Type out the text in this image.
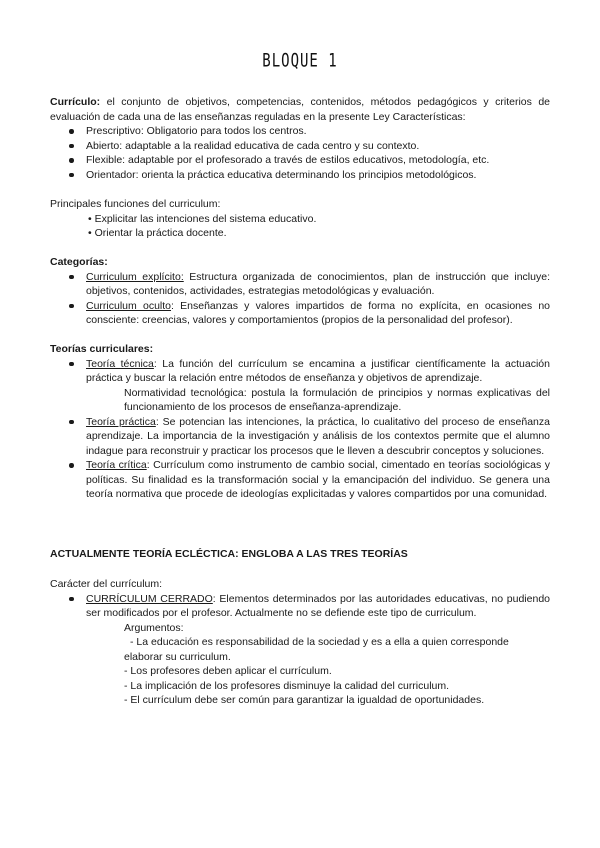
BLOQUE 1
Currículo: el conjunto de objetivos, competencias, contenidos, métodos pedagógicos y criterios de evaluación de cada una de las enseñanzas reguladas en la presente Ley Características:
Prescriptivo: Obligatorio para todos los centros.
Abierto: adaptable a la realidad educativa de cada centro y su contexto.
Flexible: adaptable por el profesorado a través de estilos educativos, metodología, etc.
Orientador: orienta la práctica educativa determinando los principios metodológicos.
Principales funciones del curriculum:
• Explicitar las intenciones del sistema educativo.
• Orientar la práctica docente.
Categorías:
Curriculum explícito: Estructura organizada de conocimientos, plan de instrucción que incluye: objetivos, contenidos, actividades, estrategias metodológicas y evaluación.
Curriculum oculto: Enseñanzas y valores impartidos de forma no explícita, en ocasiones no consciente: creencias, valores y comportamientos (propios de la personalidad del profesor).
Teorías curriculares:
Teoría técnica: La función del currículum se encamina a justificar científicamente la actuación práctica y buscar la relación entre métodos de enseñanza y objetivos de aprendizaje.
Normatividad tecnológica: postula la formulación de principios y normas explicativas del funcionamiento de los procesos de enseñanza-aprendizaje.
Teoría práctica: Se potencian las intenciones, la práctica, lo cualitativo del proceso de enseñanza aprendizaje. La importancia de la investigación y análisis de los contextos permite que el alumno indague para reconstruir y practicar los procesos que le lleven a descubrir conceptos y soluciones.
Teoría crítica: Currículum como instrumento de cambio social, cimentado en teorías sociológicas y políticas. Su finalidad es la transformación social y la emancipación del individuo. Se genera una teoría normativa que procede de ideologías explicitadas y valores compartidos por una comunidad.
ACTUALMENTE TEORÍA ECLÉCTICA: ENGLOBA A LAS TRES TEORÍAS
Carácter del currículum:
CURRÍCULUM CERRADO: Elementos determinados por las autoridades educativas, no pudiendo ser modificados por el profesor. Actualmente no se defiende este tipo de curriculum.
Argumentos:
- La educación es responsabilidad de la sociedad y es a ella a quien corresponde elaborar su curriculum.
- Los profesores deben aplicar el currículum.
- La implicación de los profesores disminuye la calidad del curriculum.
- El currículum debe ser común para garantizar la igualdad de oportunidades.
